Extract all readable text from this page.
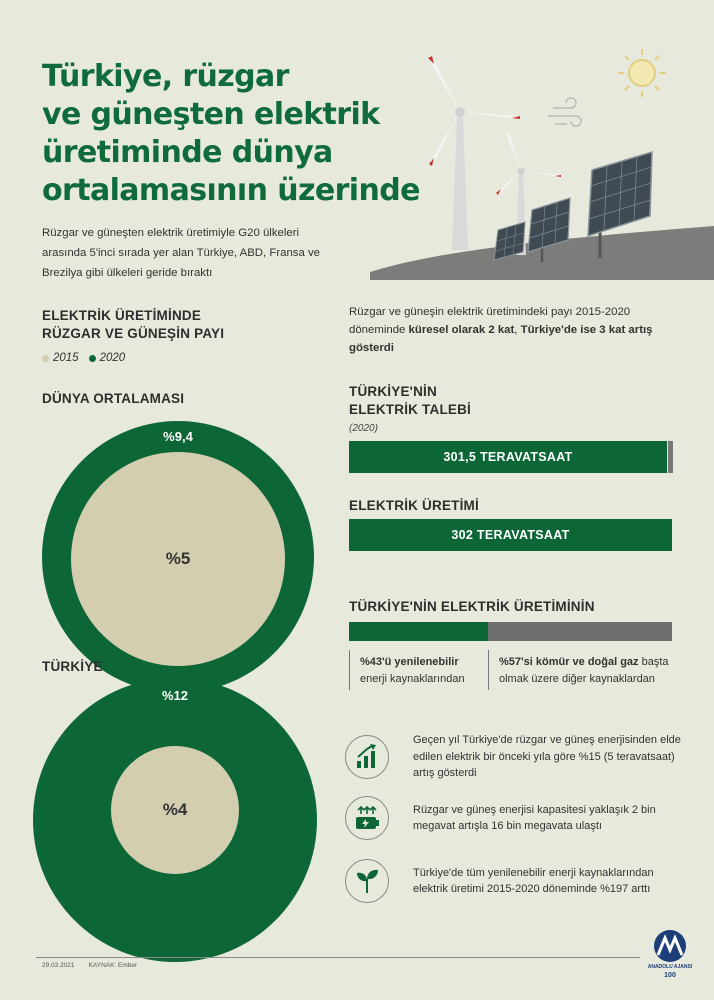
Türkiye, rüzgar
ve güneşten elektrik
üretiminde dünya
ortalamasının üzerinde

Rüzgar ve güneşten elektrik üretimiyle G20 ülkeleri arasında 5'inci sırada yer alan Türkiye, ABD, Fransa ve Brezilya gibi ülkeleri geride bıraktı

ELEKTRİK ÜRETİMİNDE
RÜZGAR VE GÜNEŞİN PAYI
2015 2020
DÜNYA ORTALAMASI
%9,4
%5
TÜRKİYE
%12
%4

Rüzgar ve güneşin elektrik üretimindeki payı 2015-2020 döneminde küresel olarak 2 kat, Türkiye'de ise 3 kat artış gösterdi

TÜRKİYE'NİN
ELEKTRİK TALEBİ
(2020)
301,5 TERAVATSAAT
ELEKTRİK ÜRETİMİ
302 TERAVATSAAT
TÜRKİYE'NİN ELEKTRİK ÜRETİMİNİN
%43'ü yenilenebilir
enerji kaynaklarından
%57'si kömür ve doğal gaz başta olmak üzere diğer kaynaklardan

Geçen yıl Türkiye'de rüzgar ve güneş enerjisinden elde edilen elektrik bir önceki yıla göre %15 (5 teravatsaat) artış gösterdi

Rüzgar ve güneş enerjisi kapasitesi yaklaşık 2 bin megavat artışla 16 bin megavata ulaştı

Türkiye'de tüm yenilenebilir enerji kaynaklarından elektrik üretimi 2015-2020 döneminde %197 arttı

29.03.2021 KAYNAK: Ember	ANADOLU AJANSI
100
